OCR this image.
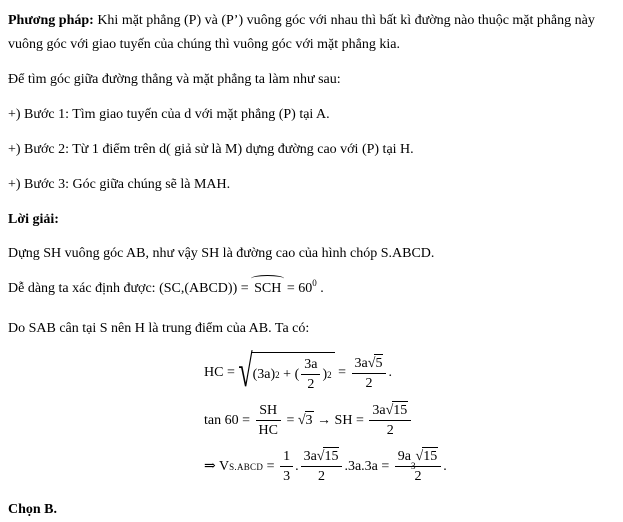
Phương pháp: Khi mặt phẳng (P) và (P’) vuông góc với nhau thì bất kì đường nào thuộc mặt phẳng này vuông góc với giao tuyến của chúng thì vuông góc với mặt phẳng kia.

Để tìm góc giữa đường thẳng và mặt phẳng ta làm như sau:

+) Bước 1: Tìm giao tuyến của d với mặt phẳng (P) tại A.

+) Bước 2: Từ 1 điểm trên d( giả sử là M) dựng đường cao với (P) tại H.

+) Bước 3: Góc giữa chúng sẽ là MAH.

Lời giải:

Dựng SH vuông góc AB, như vậy SH là đường cao của hình chóp S.ABCD.

Dễ dàng ta xác định được: (SC,(ABCD)) = SCH = $60^0$ .

Do SAB cân tại S nên H là trung điểm của AB. Ta có:

HC = √ (3a) 2 + ( $\frac{3a}{2}$ ) $2 = \frac{3a √ 5}{2}$ .
$\tan 60 = \frac{SH}{HC}$ = √ 3 → SH = $\frac{3a √ 15}{2}$
⇒ V S.ABCD = $\frac{1}{3}$ . $\frac{3a √ 15}{2} .3a.3a = 9a$
3
√ 15
2 .

Chọn B.
